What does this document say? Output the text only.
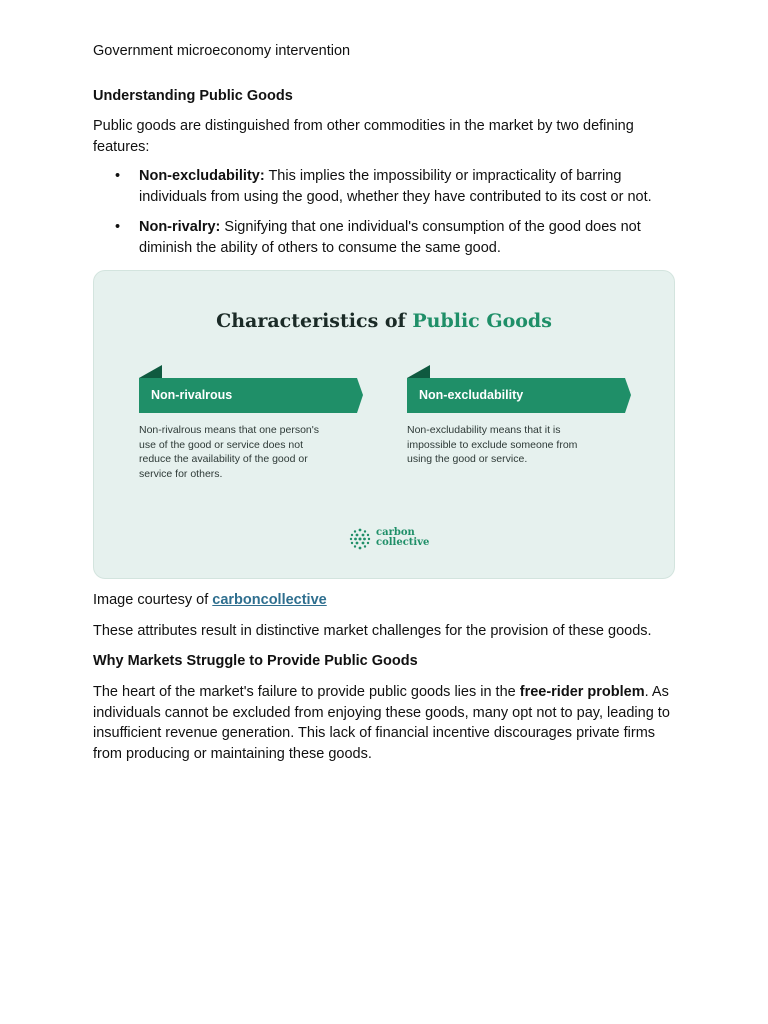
Government microeconomy intervention
Understanding Public Goods
Public goods are distinguished from other commodities in the market by two defining features:
• Non-excludability: This implies the impossibility or impracticality of barring individuals from using the good, whether they have contributed to its cost or not.
• Non-rivalry: Signifying that one individual's consumption of the good does not diminish the ability of others to consume the same good.
Characteristics of Public Goods
Non-rivalrous
Non-rivalrous means that one person's use of the good or service does not reduce the availability of the good or service for others.
Non-excludability
Non-excludability means that it is impossible to exclude someone from using the good or service.
carbon
collective
Image courtesy of carboncollective
These attributes result in distinctive market challenges for the provision of these goods.
Why Markets Struggle to Provide Public Goods
The heart of the market's failure to provide public goods lies in the free-rider problem. As individuals cannot be excluded from enjoying these goods, many opt not to pay, leading to insufficient revenue generation. This lack of financial incentive discourages private firms from producing or maintaining these goods.
